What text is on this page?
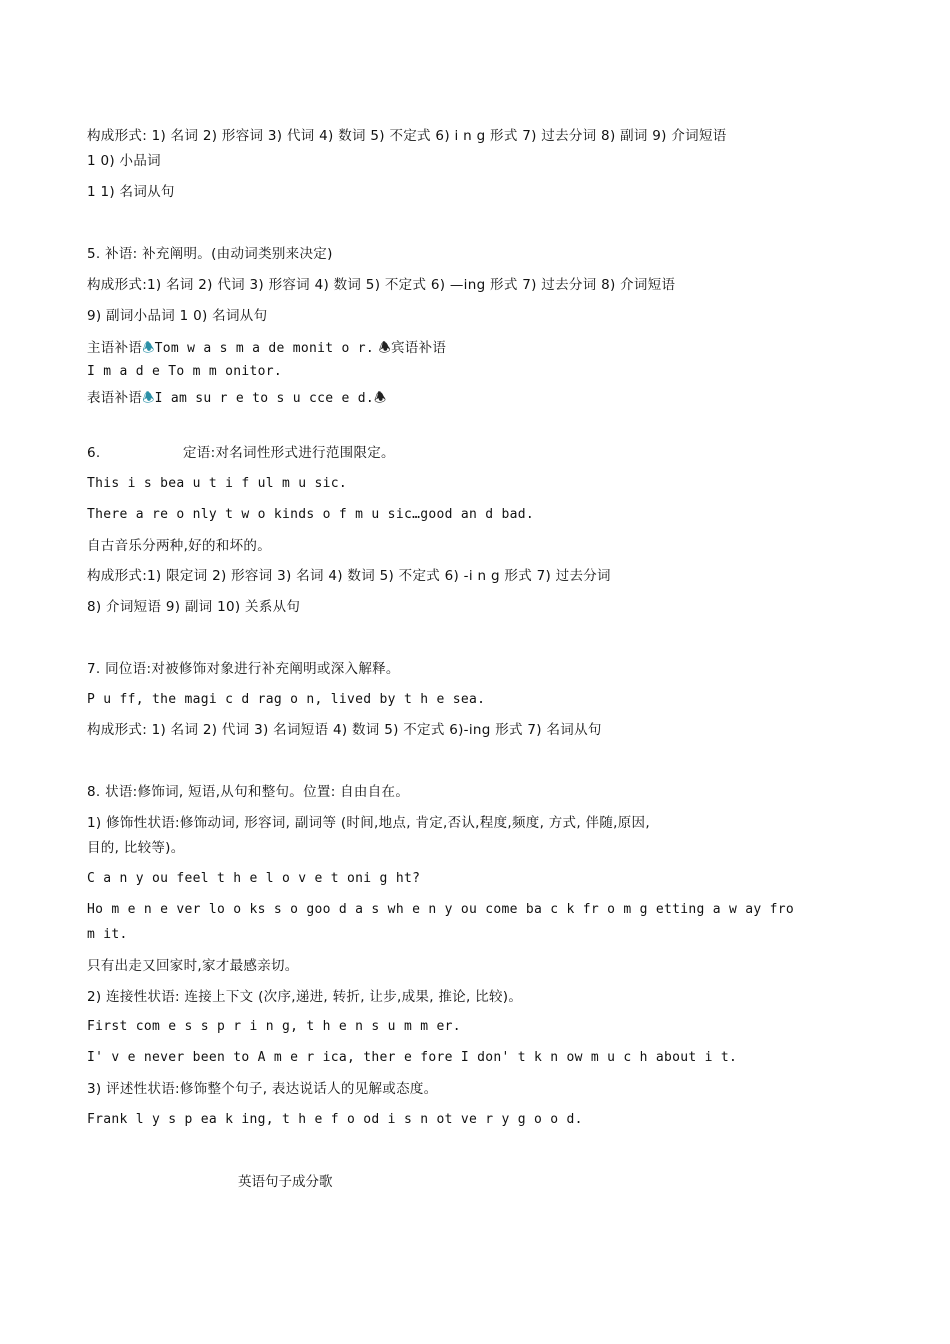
构成形式: 1) 名词 2) 形容词 3) 代词 4) 数词 5) 不定式 6) i n g 形式 7) 过去分词 8) 副词 9) 介词短语
1 0) 小品词
1 1) 名词从句
5. 补语: 补充阐明。(由动词类别来决定)
构成形式:1) 名词 2) 代词 3) 形容词 4) 数词 5) 不定式 6) —ing 形式 7) 过去分词 8) 介词短语
9) 副词小品词 1 0) 名词从句
主语补语🕭Tom w a s m a de monit o r. 🕭宾语补语
I m a d e To m m onitor.
表语补语🕭I am su r e to s u cce e d.🕭
6.	定语:对名词性形式进行范围限定。
This i s bea u t i f ul m u sic.
There a re o nly t w o kinds o f m u sic…good an d bad.
自古音乐分两种,好的和坏的。
构成形式:1) 限定词 2) 形容词 3) 名词 4) 数词 5) 不定式 6) -i n g 形式 7) 过去分词
8) 介词短语 9) 副词 10) 关系从句
7. 同位语:对被修饰对象进行补充阐明或深入解释。
P u ff, the magi c d rag o n, lived by t h e sea.
构成形式: 1) 名词 2) 代词 3) 名词短语 4) 数词 5) 不定式 6)-ing 形式 7) 名词从句
8. 状语:修饰词, 短语,从句和整句。位置: 自由自在。
1) 修饰性状语:修饰动词, 形容词, 副词等 (时间,地点, 肯定,否认,程度,频度, 方式, 伴随,原因,
目的, 比较等)。
C a n y ou feel t h e l o v e t oni g ht?
Ho m e n e ver lo o ks s o goo d a s wh e n y ou come ba c k fr o m g etting a w ay fro
m it.
只有出走又回家时,家才最感亲切。
2) 连接性状语: 连接上下文 (次序,递进, 转折, 让步,成果, 推论, 比较)。
First com e s s p r i n g, t h e n s u m m er.
I' v e never been to A m e r ica, ther e fore I don' t k n ow m u c h about i t.
3) 评述性状语:修饰整个句子, 表达说话人的见解或态度。
Frank l y s p ea k ing, t h e f o od i s n ot ve r y g o o d.
英语句子成分歌
